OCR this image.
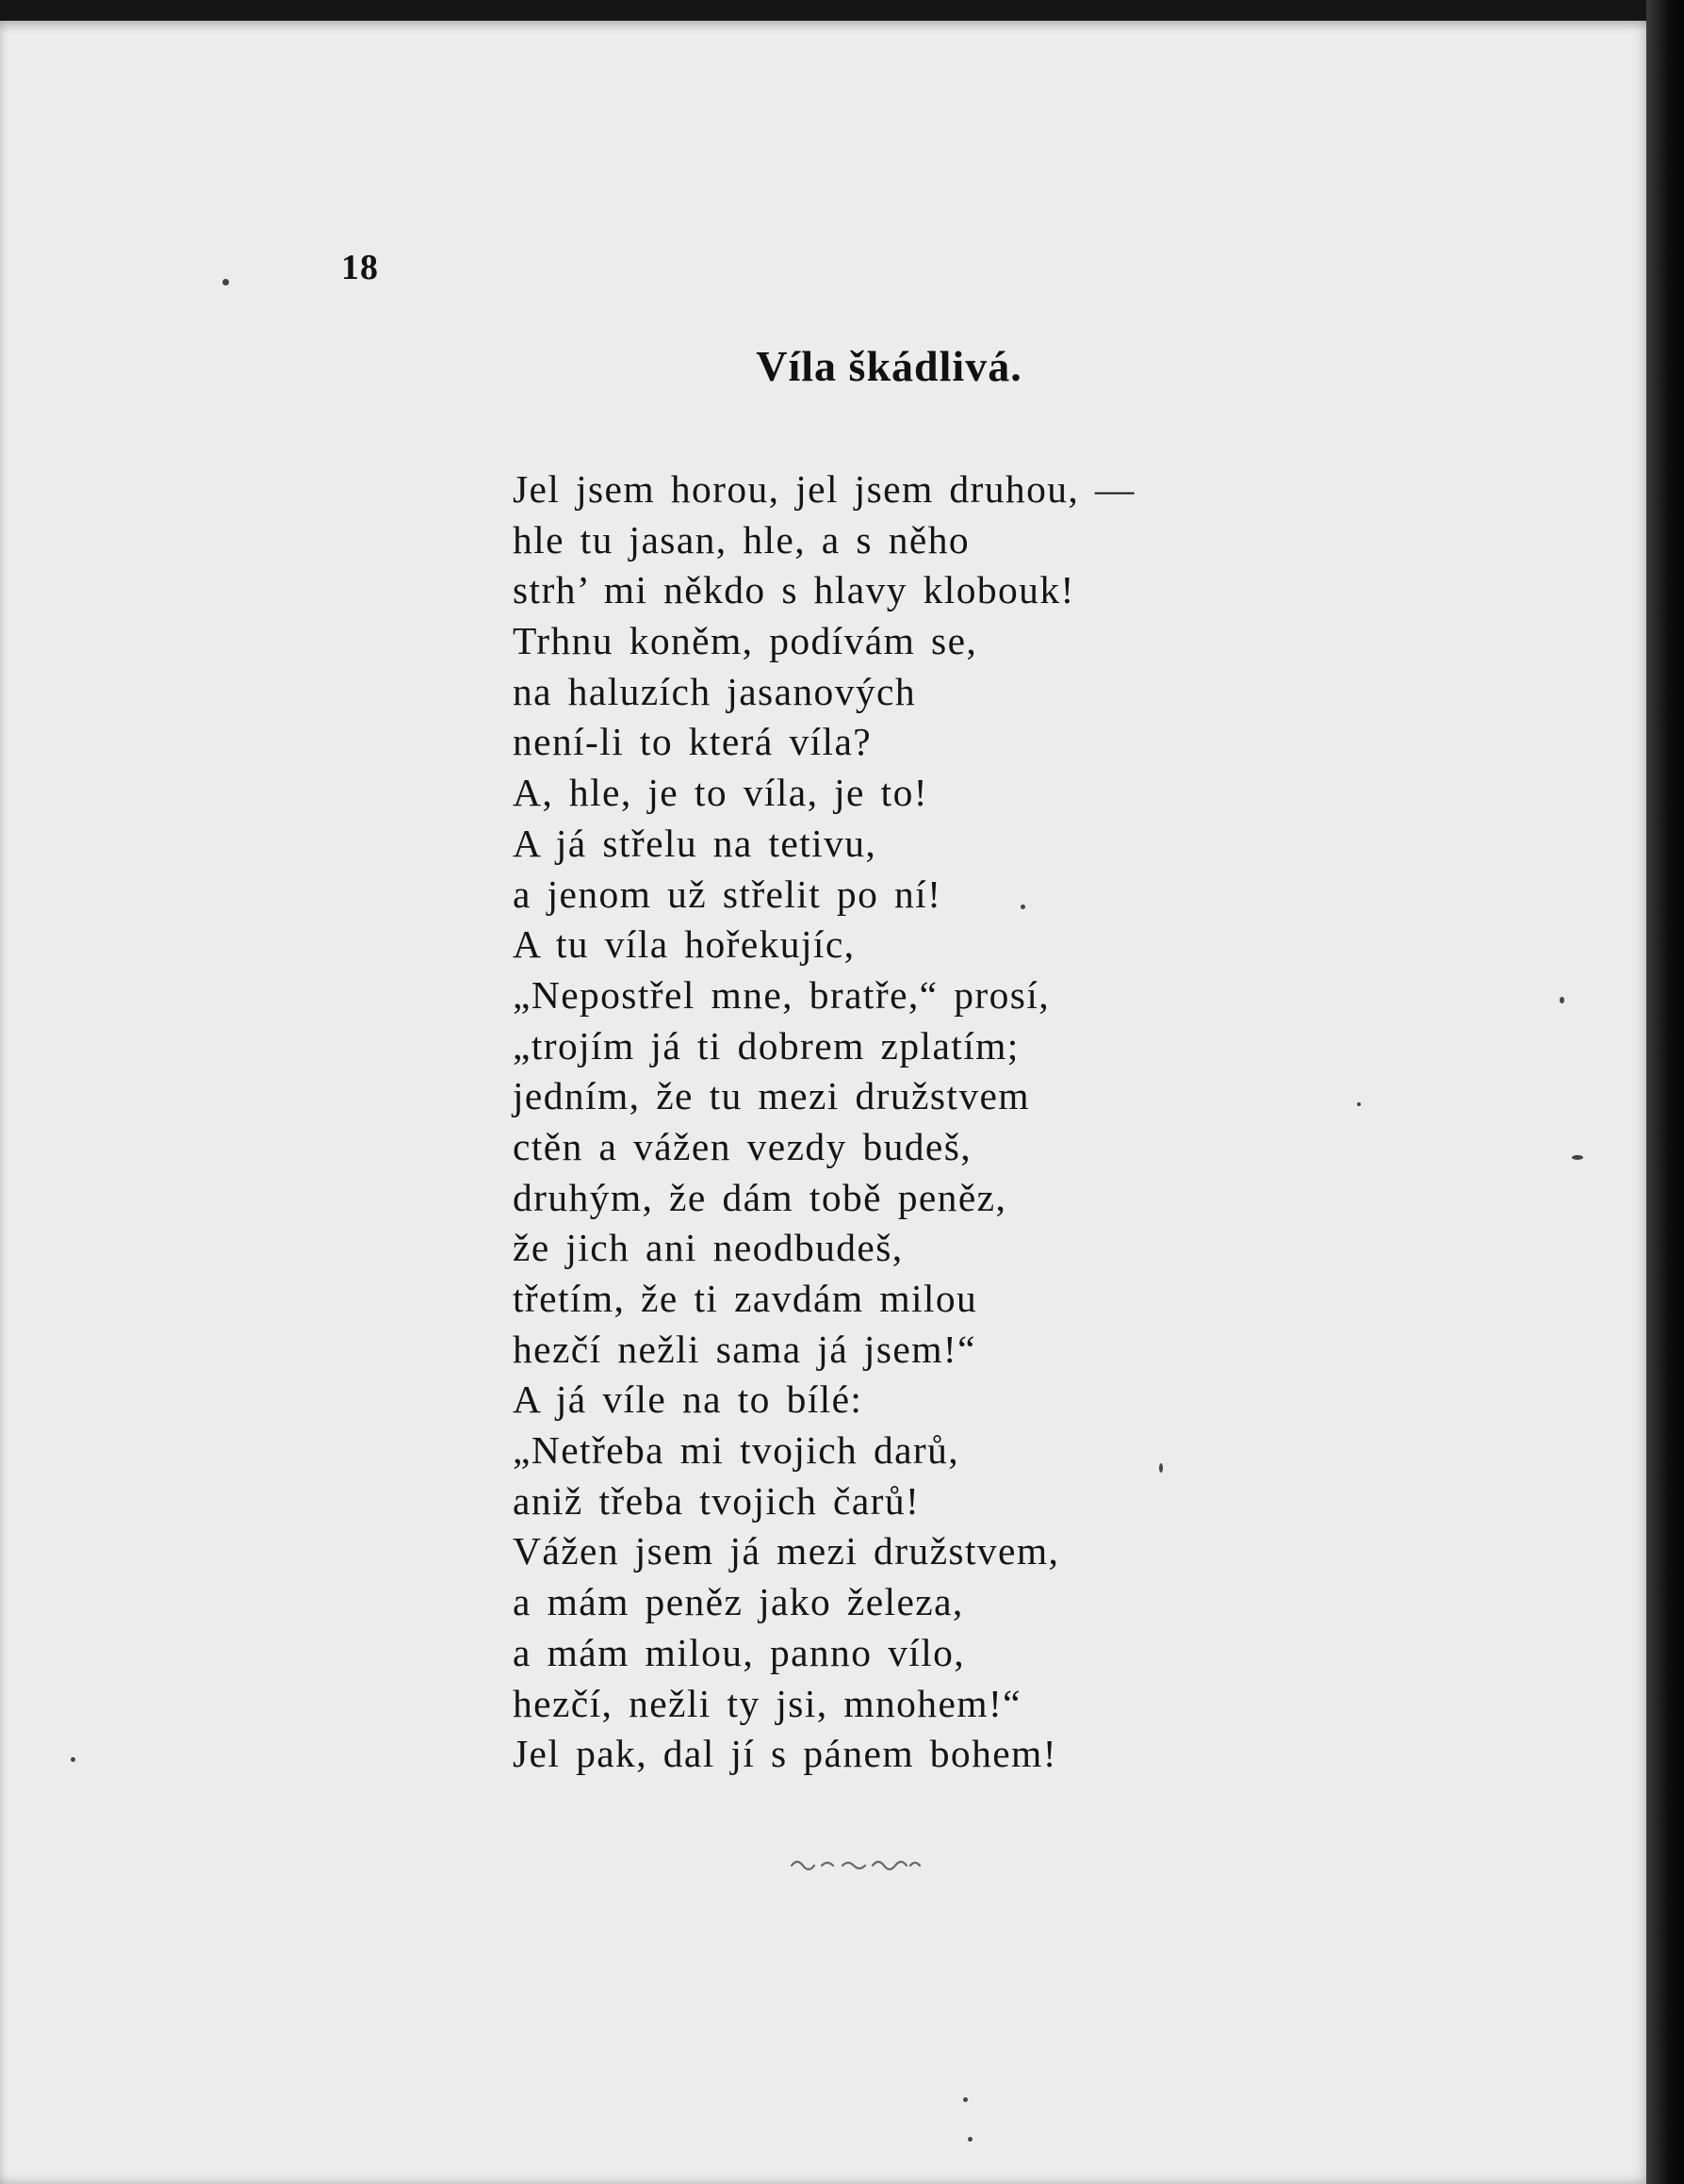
18
Víla škádlivá.
Jel jsem horou, jel jsem druhou, —
hle tu jasan, hle, a s něho
strh’ mi někdo s hlavy klobouk!
Trhnu koněm, podívám se,
na haluzích jasanových
není-li to která víla?
A, hle, je to víla, je to!
A já střelu na tetivu,
a jenom už střelit po ní!
A tu víla hořekujíc,
„Nepostřel mne, bratře,“ prosí,
„trojím já ti dobrem zplatím;
jedním, že tu mezi družstvem
ctěn a vážen vezdy budeš,
druhým, že dám tobě peněz,
že jich ani neodbudeš,
třetím, že ti zavdám milou
hezčí nežli sama já jsem!“
A já víle na to bílé:
„Netřeba mi tvojich darů,
aniž třeba tvojich čarů!
Vážen jsem já mezi družstvem,
a mám peněz jako železa,
a mám milou, panno vílo,
hezčí, nežli ty jsi, mnohem!“
Jel pak, dal jí s pánem bohem!
